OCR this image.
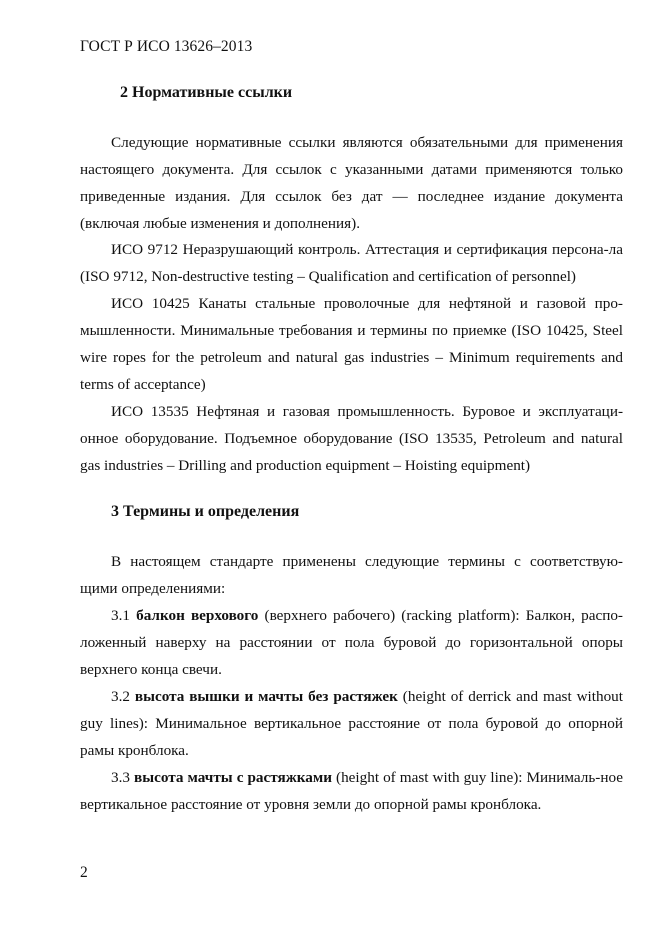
ГОСТ Р ИСО 13626–2013
2 Нормативные ссылки

Следующие нормативные ссылки являются обязательными для применения настоящего документа. Для ссылок с указанными датами применяются только приведенные издания. Для ссылок без дат — последнее издание документа (включая любые изменения и дополнения).

ИСО 9712 Неразрушающий контроль. Аттестация и сертификация персона-ла (ISO 9712, Non-destructive testing – Qualification and certification of personnel)

ИСО 10425 Канаты стальные проволочные для нефтяной и газовой про-мышленности. Минимальные требования и термины по приемке (ISO 10425, Steel wire ropes for the petroleum and natural gas industries – Minimum requirements and terms of acceptance)

ИСО 13535 Нефтяная и газовая промышленность. Буровое и эксплуатаци-онное оборудование. Подъемное оборудование (ISO 13535, Petroleum and natural gas industries – Drilling and production equipment – Hoisting equipment)

3 Термины и определения

В настоящем стандарте применены следующие термины с соответствую-щими определениями:

3.1 балкон верхового (верхнего рабочего) (racking platform): Балкон, распо-ложенный наверху на расстоянии от пола буровой до горизонтальной опоры верхнего конца свечи.

3.2 высота вышки и мачты без растяжек (height of derrick and mast without guy lines): Минимальное вертикальное расстояние от пола буровой до опорной рамы кронблока.

3.3 высота мачты с растяжками (height of mast with guy line): Минималь-ное вертикальное расстояние от уровня земли до опорной рамы кронблока.

2
